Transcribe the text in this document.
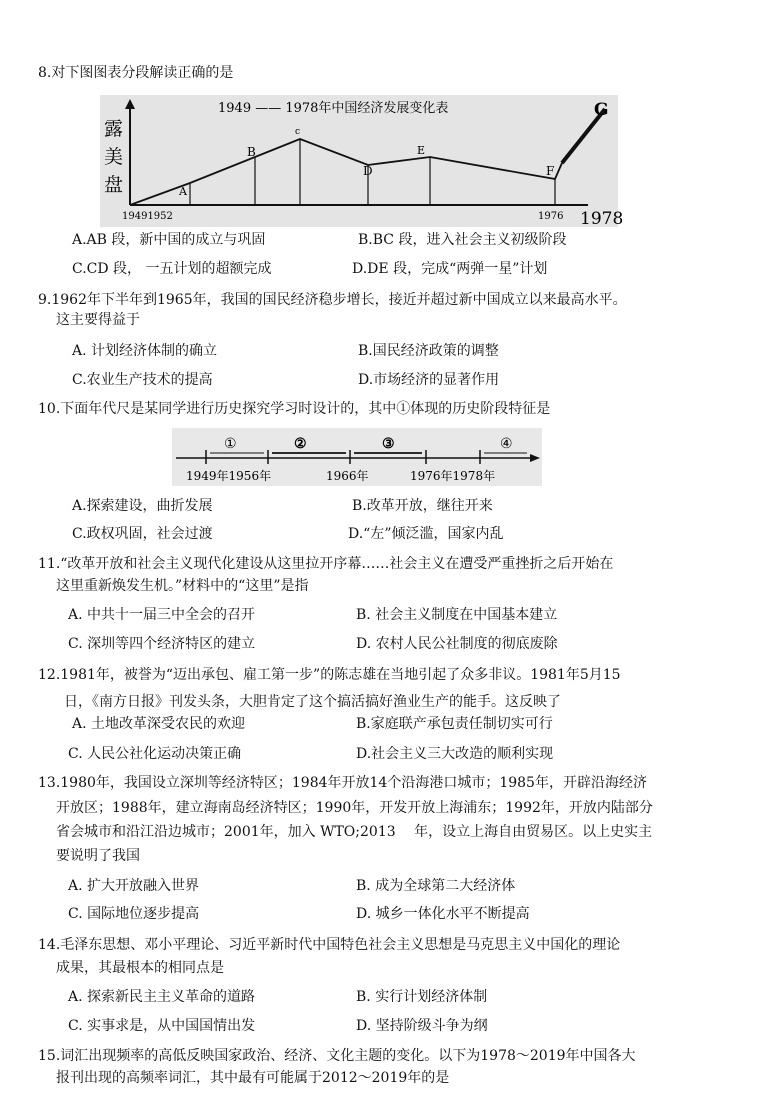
8.对下图图表分段解读正确的是
1949 —— 1978年中国经济发展变化表
露
美
盘	A
B
c
D
E
F
G
19491952	1976 1978
A.AB 段，新中国的成立与巩固	B.BC 段，进入社会主义初级阶段
C.CD 段， 一五计划的超额完成	D.DE 段，完成“两弹一星”计划
9.1962年下半年到1965年，我国的国民经济稳步增长，接近并超过新中国成立以来最高水平。
这主要得益于
A. 计划经济体制的确立	B.国民经济政策的调整
C.农业生产技术的提高	D.市场经济的显著作用
10.下面年代尺是某同学进行历史探究学习时设计的，其中①体现的历史阶段特征是
①	②	③	④
1949年1956年	1966年	1976年1978年
A.探索建设，曲折发展	B.改革开放，继往开来
C.政权巩固，社会过渡	D.“左”倾泛滥，国家内乱
11.“改革开放和社会主义现代化建设从这里拉开序幕……社会主义在遭受严重挫折之后开始在
这里重新焕发生机。”材料中的“这里”是指
A. 中共十一届三中全会的召开	B. 社会主义制度在中国基本建立
C. 深圳等四个经济特区的建立	D. 农村人民公社制度的彻底废除
12.1981年，被誉为“迈出承包、雇工第一步”的陈志雄在当地引起了众多非议。1981年5月15
日，《南方日报》刊发头条，大胆肯定了这个搞活搞好渔业生产的能手。这反映了
A. 土地改革深受农民的欢迎	B.家庭联产承包责任制切实可行
C. 人民公社化运动决策正确	D.社会主义三大改造的顺利实现
13.1980年，我国设立深圳等经济特区；1984年开放14个沿海港口城市；1985年，开辟沿海经济
开放区；1988年，建立海南岛经济特区；1990年，开发开放上海浦东；1992年，开放内陆部分
省会城市和沿江沿边城市；2001年，加入 WTO;2013　 年，设立上海自由贸易区。以上史实主
要说明了我国
A. 扩大开放融入世界	B. 成为全球第二大经济体
C. 国际地位逐步提高	D. 城乡一体化水平不断提高
14.毛泽东思想、邓小平理论、习近平新时代中国特色社会主义思想是马克思主义中国化的理论
成果，其最根本的相同点是
A. 探索新民主主义革命的道路	B. 实行计划经济体制
C. 实事求是，从中国国情出发	D. 坚持阶级斗争为纲
15.词汇出现频率的高低反映国家政治、经济、文化主题的变化。以下为1978～2019年中国各大
报刊出现的高频率词汇，其中最有可能属于2012～2019年的是
